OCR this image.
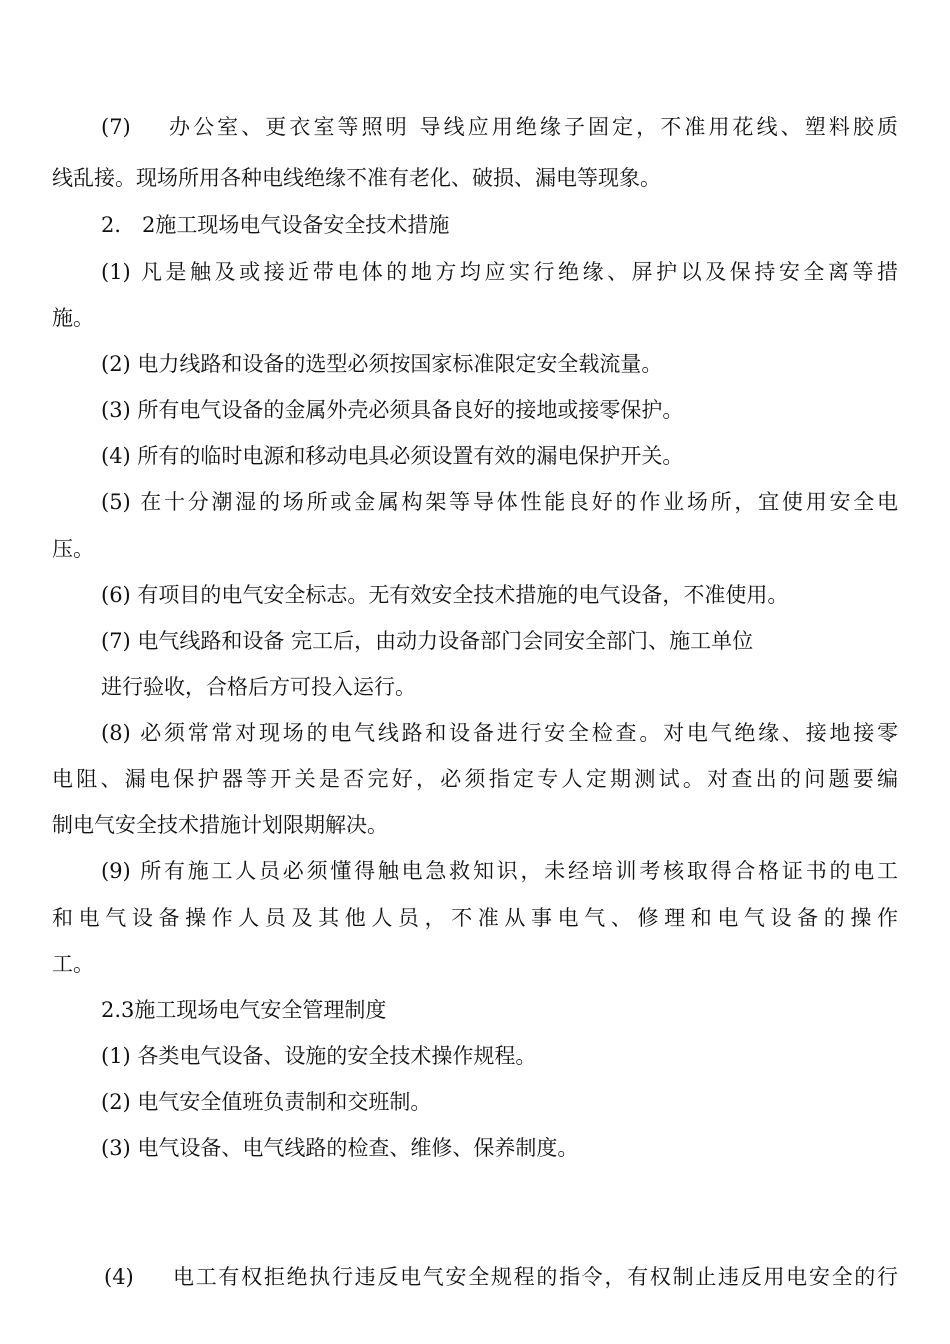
(7) 办公室、更衣室等照明 导线应用绝缘子固定，不准用花线、塑料胶质
线乱接。现场所用各种电线绝缘不准有老化、破损、漏电等现象。
2． 2施工现场电气设备安全技术措施
(1) 凡是触及或接近带电体的地方均应实行绝缘、屏护以及保持安全离等措
施。
(2) 电力线路和设备的选型必须按国家标准限定安全载流量。
(3) 所有电气设备的金属外壳必须具备良好的接地或接零保护。
(4) 所有的临时电源和移动电具必须设置有效的漏电保护开关。
(5) 在十分潮湿的场所或金属构架等导体性能良好的作业场所，宜使用安全电
压。
(6) 有项目的电气安全标志。无有效安全技术措施的电气设备，不准使用。
(7) 电气线路和设备 完工后，由动力设备部门会同安全部门、施工单位
进行验收，合格后方可投入运行。
(8) 必须常常对现场的电气线路和设备进行安全检查。对电气绝缘、接地接零
电阻、漏电保护器等开关是否完好，必须指定专人定期测试。对查出的问题要编
制电气安全技术措施计划限期解决。
(9) 所有施工人员必须懂得触电急救知识，未经培训考核取得合格证书的电工
和电气设备操作人员及其他人员，不准从事电气、修理和电气设备的操作
工。
2.3施工现场电气安全管理制度
(1) 各类电气设备、设施的安全技术操作规程。
(2) 电气安全值班负责制和交班制。
(3) 电气设备、电气线路的检查、维修、保养制度。
(4) 电工有权拒绝执行违反电气安全规程的指令，有权制止违反用电安全的行
